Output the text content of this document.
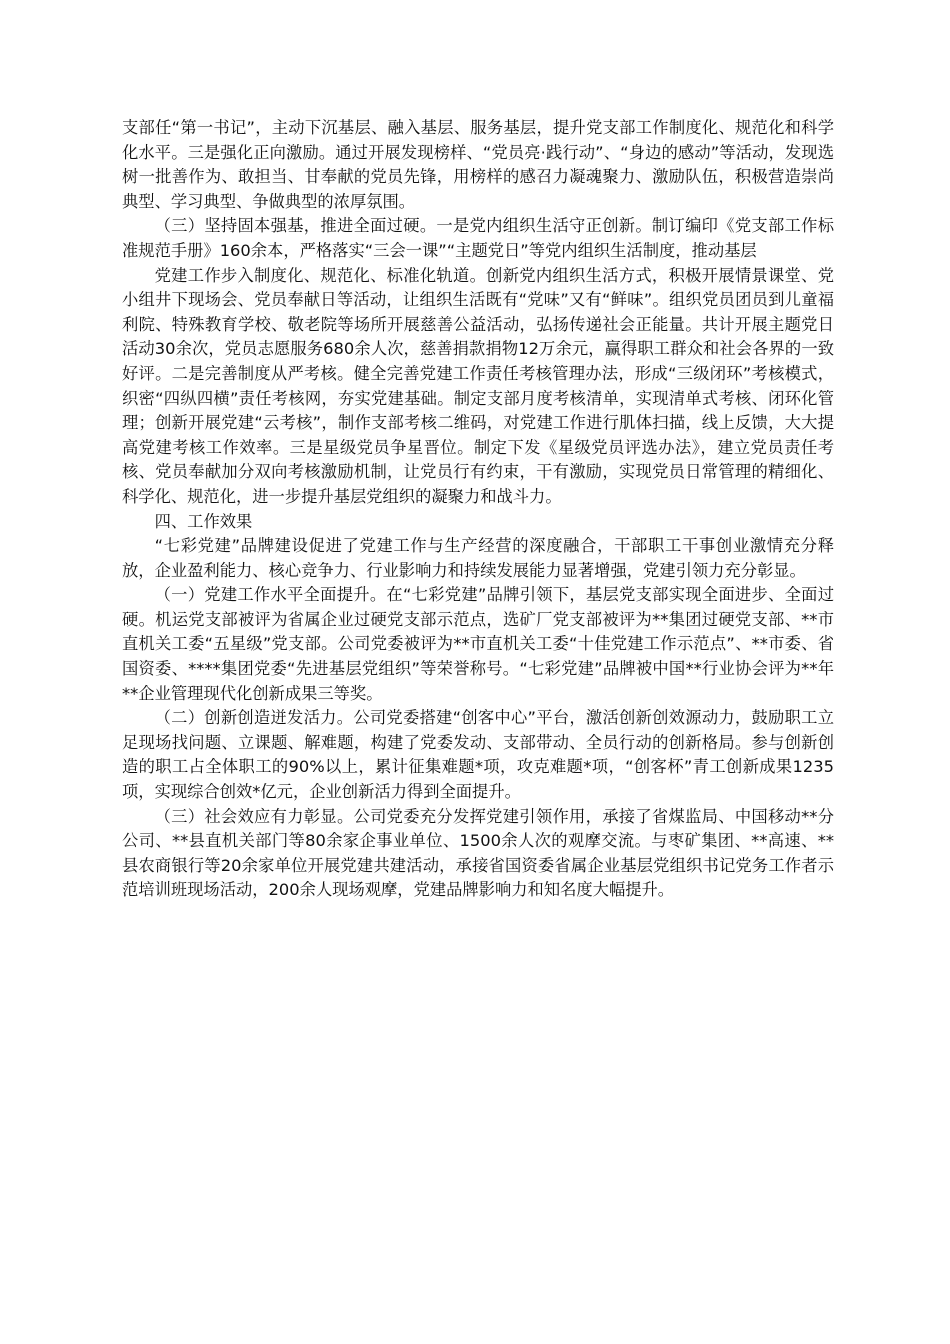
支部任“第一书记”，主动下沉基层、融入基层、服务基层，提升党支部工作制度化、规范化和科学化水平。三是强化正向激励。通过开展发现榜样、“党员亮·践行动”、“身边的感动”等活动，发现选树一批善作为、敢担当、甘奉献的党员先锋，用榜样的感召力凝魂聚力、激励队伍，积极营造崇尚典型、学习典型、争做典型的浓厚氛围。

（三）坚持固本强基，推进全面过硬。一是党内组织生活守正创新。制订编印《党支部工作标准规范手册》160余本，严格落实“三会一课”“主题党日”等党内组织生活制度，推动基层

党建工作步入制度化、规范化、标准化轨道。创新党内组织生活方式，积极开展情景课堂、党小组井下现场会、党员奉献日等活动，让组织生活既有“党味”又有“鲜味”。组织党员团员到儿童福利院、特殊教育学校、敬老院等场所开展慈善公益活动，弘扬传递社会正能量。共计开展主题党日活动30余次，党员志愿服务680余人次，慈善捐款捐物12万余元，赢得职工群众和社会各界的一致好评。二是完善制度从严考核。健全完善党建工作责任考核管理办法，形成“三级闭环”考核模式，织密“四纵四横”责任考核网，夯实党建基础。制定支部月度考核清单，实现清单式考核、闭环化管理；创新开展党建“云考核”，制作支部考核二维码，对党建工作进行肌体扫描，线上反馈，大大提高党建考核工作效率。三是星级党员争星晋位。制定下发《星级党员评选办法》，建立党员责任考核、党员奉献加分双向考核激励机制，让党员行有约束，干有激励，实现党员日常管理的精细化、科学化、规范化，进一步提升基层党组织的凝聚力和战斗力。

四、工作效果

“七彩党建”品牌建设促进了党建工作与生产经营的深度融合，干部职工干事创业激情充分释放，企业盈利能力、核心竞争力、行业影响力和持续发展能力显著增强，党建引领力充分彰显。

（一）党建工作水平全面提升。在“七彩党建”品牌引领下，基层党支部实现全面进步、全面过硬。机运党支部被评为省属企业过硬党支部示范点，选矿厂党支部被评为**集团过硬党支部、**市直机关工委“五星级”党支部。公司党委被评为**市直机关工委“十佳党建工作示范点”、**市委、省国资委、****集团党委“先进基层党组织”等荣誉称号。“七彩党建”品牌被中国**行业协会评为**年**企业管理现代化创新成果三等奖。

（二）创新创造迸发活力。公司党委搭建“创客中心”平台，激活创新创效源动力，鼓励职工立足现场找问题、立课题、解难题，构建了党委发动、支部带动、全员行动的创新格局。参与创新创造的职工占全体职工的90%以上，累计征集难题*项，攻克难题*项，“创客杯”青工创新成果1235项，实现综合创效*亿元，企业创新活力得到全面提升。

（三）社会效应有力彰显。公司党委充分发挥党建引领作用，承接了省煤监局、中国移动**分公司、**县直机关部门等80余家企事业单位、1500余人次的观摩交流。与枣矿集团、**高速、**县农商银行等20余家单位开展党建共建活动，承接省国资委省属企业基层党组织书记党务工作者示范培训班现场活动，200余人现场观摩，党建品牌影响力和知名度大幅提升。
